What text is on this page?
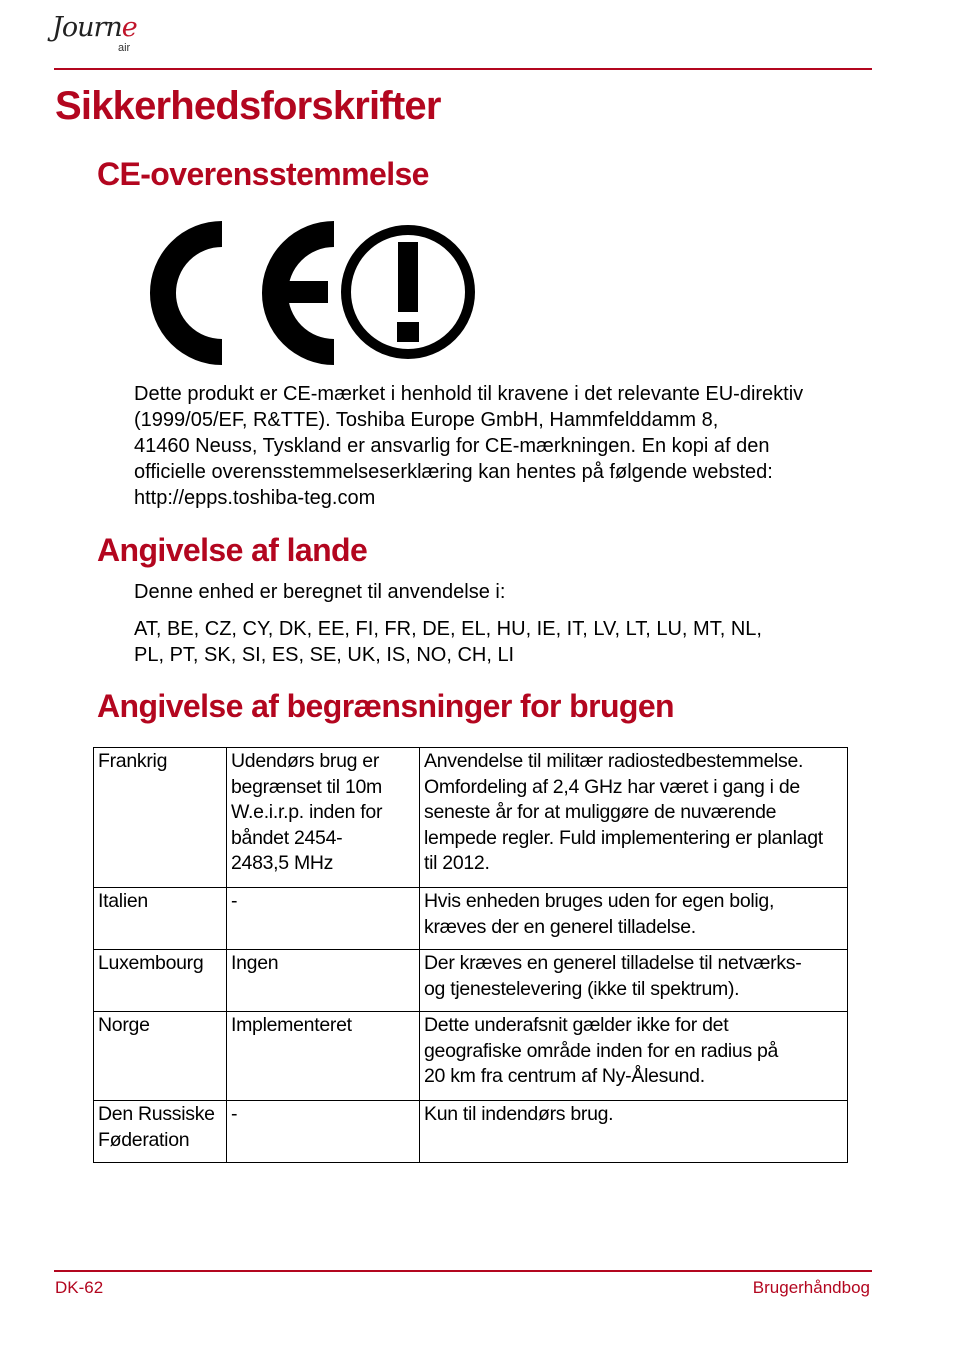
Journe
air
Sikkerhedsforskrifter
CE-overensstemmelse
Dette produkt er CE-mærket i henhold til kravene i det relevante EU-direktiv
(1999/05/EF, R&TTE). Toshiba Europe GmbH, Hammfelddamm 8,
41460 Neuss, Tyskland er ansvarlig for CE-mærkningen. En kopi af den
officielle overensstemmelseserklæring kan hentes på følgende websted:
http://epps.toshiba-teg.com
Angivelse af lande
Denne enhed er beregnet til anvendelse i:
AT, BE, CZ, CY, DK, EE, FI, FR, DE, EL, HU, IE, IT, LV, LT, LU, MT, NL,
PL, PT, SK, SI, ES, SE, UK, IS, NO, CH, LI
Angivelse af begrænsninger for brugen
Frankrig	Udendørs brug er
begrænset til 10m
W.e.i.r.p. inden for
båndet 2454-
2483,5 MHz	Anvendelse til militær radiostedbestemmelse.
Omfordeling af 2,4 GHz har været i gang i de
seneste år for at muliggøre de nuværende
lempede regler. Fuld implementering er planlagt
til 2012.
Italien	-	Hvis enheden bruges uden for egen bolig,
kræves der en generel tilladelse.
Luxembourg	Ingen	Der kræves en generel tilladelse til netværks-
og tjenestelevering (ikke til spektrum).
Norge	Implementeret	Dette underafsnit gælder ikke for det
geografiske område inden for en radius på
20 km fra centrum af Ny-Ålesund.
Den Russiske
Føderation	-	Kun til indendørs brug.
DK-62	Brugerhåndbog
